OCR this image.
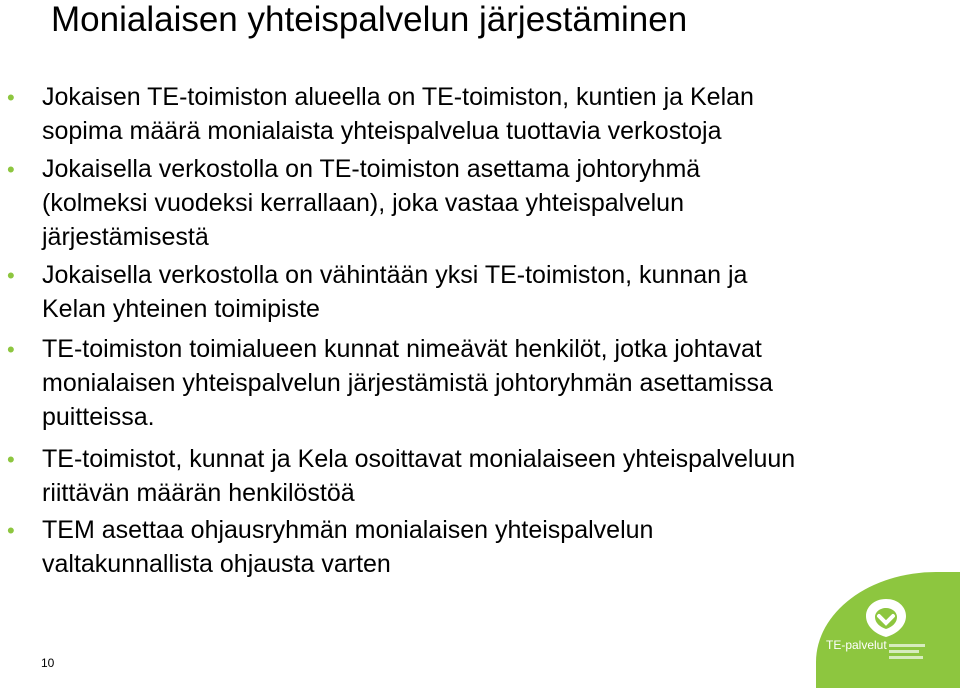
Monialaisen yhteispalvelun järjestäminen
• Jokaisen TE-toimiston alueella on TE-toimiston, kuntien ja Kelan
sopima määrä monialaista yhteispalvelua tuottavia verkostoja
• Jokaisella verkostolla on TE-toimiston asettama johtoryhmä
(kolmeksi vuodeksi kerrallaan), joka vastaa yhteispalvelun
järjestämisestä
• Jokaisella verkostolla on vähintään yksi TE-toimiston, kunnan ja
Kelan yhteinen toimipiste
• TE-toimiston toimialueen kunnat nimeävät henkilöt, jotka johtavat
monialaisen yhteispalvelun järjestämistä johtoryhmän asettamissa
puitteissa.
• TE-toimistot, kunnat ja Kela osoittavat monialaiseen yhteispalveluun
riittävän määrän henkilöstöä
• TEM asettaa ohjausryhmän monialaisen yhteispalvelun
valtakunnallista ohjausta varten
10
TE-palvelut
